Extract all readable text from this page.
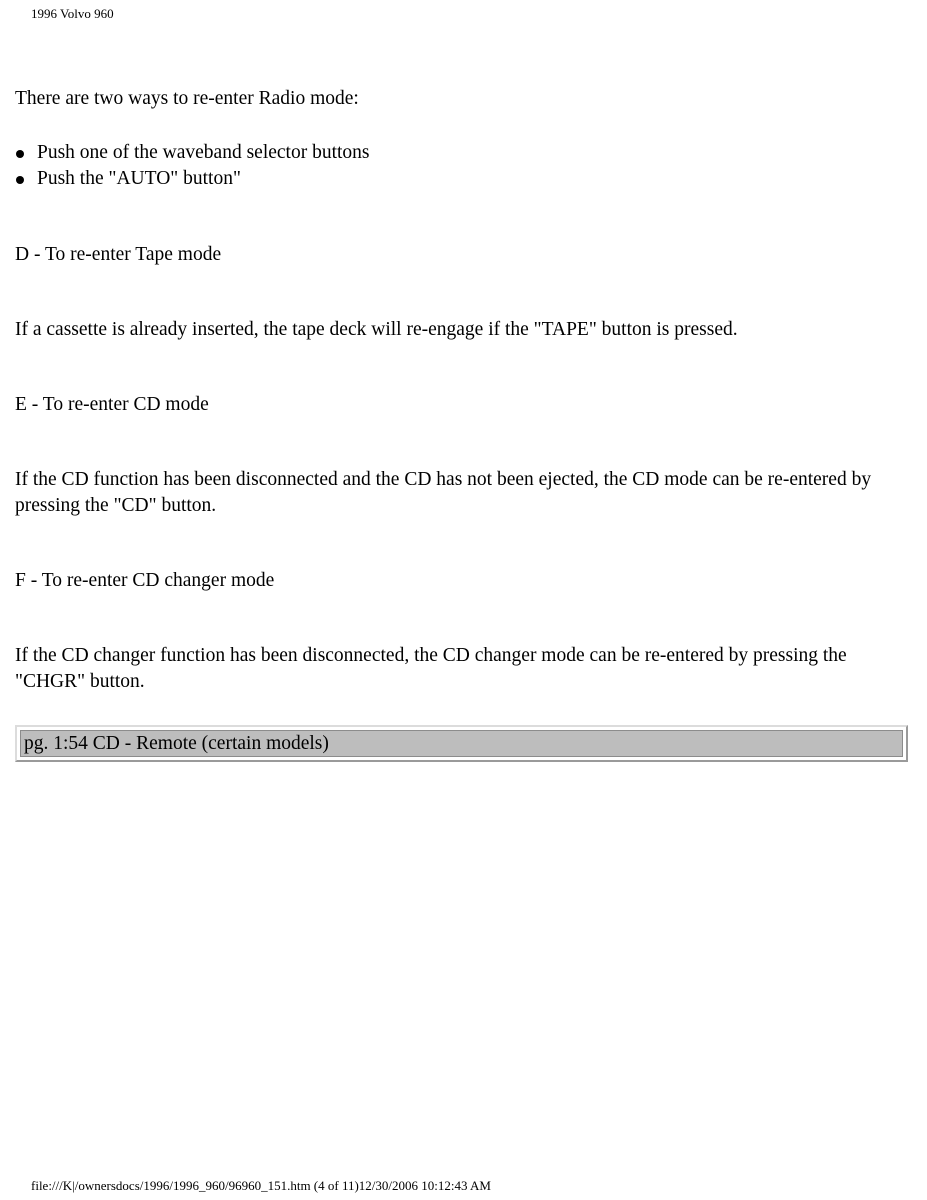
1996 Volvo 960

There are two ways to re-enter Radio mode:

Push one of the waveband selector buttons
Push the "AUTO" button"

D - To re-enter Tape mode

If a cassette is already inserted, the tape deck will re-engage if the "TAPE" button is pressed.

E - To re-enter CD mode

If the CD function has been disconnected and the CD has not been ejected, the CD mode can be re-entered by pressing the "CD" button.

F - To re-enter CD changer mode

If the CD changer function has been disconnected, the CD changer mode can be re-entered by pressing the "CHGR" button.

pg. 1:54 CD - Remote (certain models)
file:///K|/ownersdocs/1996/1996_960/96960_151.htm (4 of 11)12/30/2006 10:12:43 AM
